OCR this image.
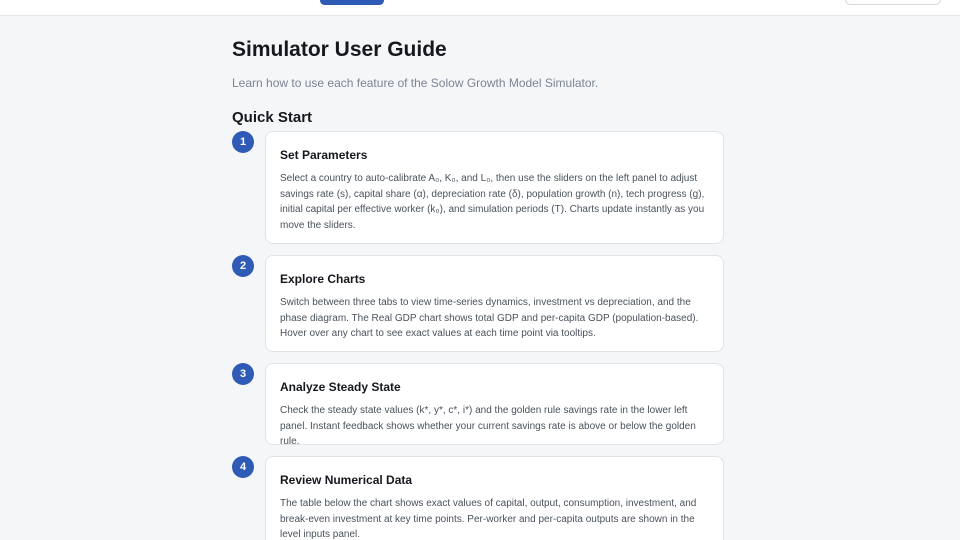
Simulator User Guide
Learn how to use each feature of the Solow Growth Model Simulator.
Quick Start
1
Set Parameters

Select a country to auto-calibrate A₀, K₀, and L₀, then use the sliders on the left panel to adjust savings rate (s), capital share (α), depreciation rate (δ), population growth (n), tech progress (g), initial capital per effective worker (k₀), and simulation periods (T). Charts update instantly as you move the sliders.

2
Explore Charts

Switch between three tabs to view time-series dynamics, investment vs depreciation, and the phase diagram. The Real GDP chart shows total GDP and per-capita GDP (population-based). Hover over any chart to see exact values at each time point via tooltips.

3
Analyze Steady State

Check the steady state values (k*, y*, c*, i*) and the golden rule savings rate in the lower left panel. Instant feedback shows whether your current savings rate is above or below the golden rule.

4
Review Numerical Data

The table below the chart shows exact values of capital, output, consumption, investment, and break-even investment at key time points. Per-worker and per-capita outputs are shown in the level inputs panel.
